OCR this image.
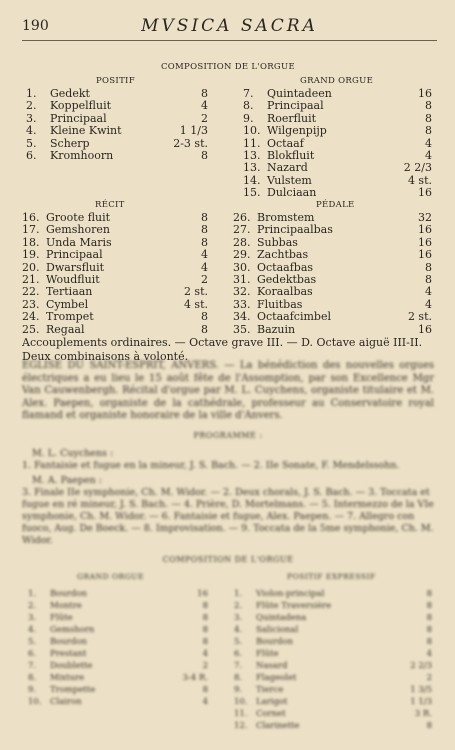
190	MVSICA SACRA
COMPOSITION DE L'ORGUE
POSITIF	GRAND ORGUE
1. Gedekt	8
2. Koppelfluit	4
3. Principaal	2
4. Kleine Kwint	1 1/3
5. Scherp	2-3 st.
6. Kromhoorn	8
7. Quintadeen	16
8. Principaal	8
9. Roerfluit	8
10. Wilgenpijp	8
11. Octaaf	4
13. Blokfluit	4
13. Nazard	2 2/3
14. Vulstem	4 st.
15. Dulciaan	16
RÉCIT	PÉDALE
16. Groote fluit	8
17. Gemshoren	8
18. Unda Maris	8
19. Principaal	4
20. Dwarsfluit	4
21. Woudfluit	2
22. Tertiaan	2 st.
23. Cymbel	4 st.
24. Trompet	8
25. Regaal	8
26. Bromstem	32
27. Principaalbas	16
28. Subbas	16
29. Zachtbas	16
30. Octaafbas	8
31. Gedektbas	8
32. Koraalbas	4
33. Fluitbas	4
34. Octaafcimbel	2 st.
35. Bazuin	16
Accouplements ordinaires. — Octave grave III. — D. Octave aiguë III-II. Deux combinaisons à volonté.
ÉGLISE DU SAINT-ESPRIT, ANVERS. — La bénédiction des nouvelles orgues électriques a eu lieu le 15 août fête de l'Assomption, par son Excellence Mgr Van Cauwenbergh. Récital d'orgue par M. L. Cuychens, organiste titulaire et M. Alex. Paepen, organiste de la cathédrale, professeur au Conservatoire royal flamand et organiste honoraire de la ville d'Anvers.
PROGRAMME :
M. L. Cuychens :
1. Fantaisie et fugue en la mineur, J. S. Bach. — 2. IIe Sonate, F. Mendelssohn.
M. A. Paepen :
3. Finale IIe symphonie, Ch. M. Widor. — 2. Deux chorals, J. S. Bach. — 3. Toccata et fugue en ré mineur, J. S. Bach. — 4. Prière, D. Mortelmans. — 5. Intermezzo de la VIe symphonie, Ch. M. Widor. — 6. Fantaisie et fugue, Alex. Paepen. — 7. Allegro con fuoco, Aug. De Boeck. — 8. Improvisation. — 9. Toccata de la 5me symphonie, Ch. M. Widor.
COMPOSITION DE L'ORGUE
GRAND ORGUE	POSITIF EXPRESSIF
1. Bourdon	16
2. Montre	8
3. Flûte	8
4. Gemshorn	8
5. Bourdon	8
6. Prestant	4
7. Doublette	2
8. Mixture	3-4 R.
9. Trompette	8
10. Clairon	4
1. Violon-principal	8
2. Flûte Traversière	8
3. Quintadena	8
4. Salicional	8
5. Bourdon	8
6. Flûte	4
7. Nasard	2 2/3
8. Flageolet	2
9. Tierce	1 3/5
10. Larigot	1 1/3
11. Cornet	3 R.
12. Clarinette	8
